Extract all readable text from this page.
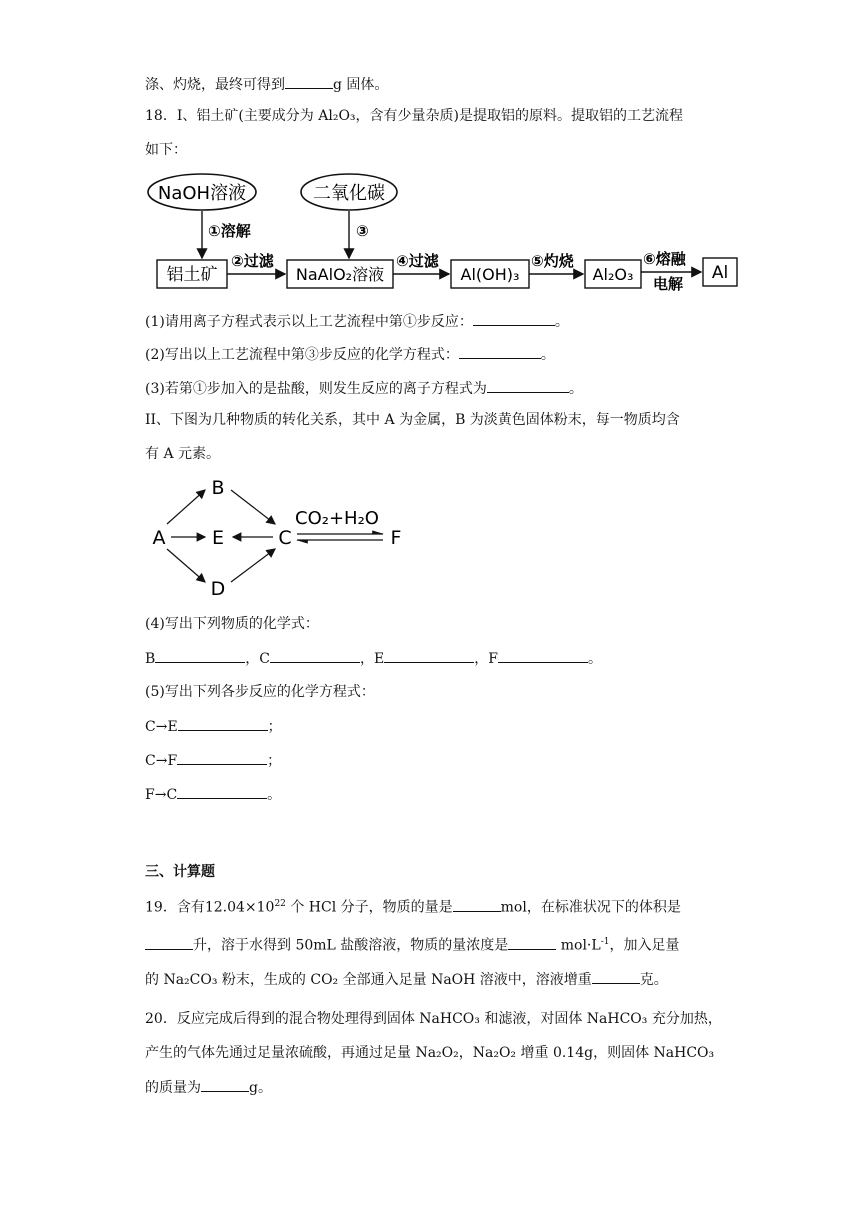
涤、灼烧，最终可得到	g 固体。
18．I、铝土矿(主要成分为 Al₂O₃，含有少量杂质)是提取铝的原料。提取铝的工艺流程
如下：
NaOH溶液	二氧化碳
①溶解	③
铝土矿	NaAlO₂溶液	Al(OH)₃	Al₂O₃	Al
②过滤	④过滤	⑤灼烧	⑥熔融
电解
(1)请用离子方程式表示以上工艺流程中第①步反应：	。
(2)写出以上工艺流程中第③步反应的化学方程式：	。
(3)若第①步加入的是盐酸，则发生反应的离子方程式为	。
II、下图为几种物质的转化关系，其中 A 为金属，B 为淡黄色固体粉末，每一物质均含
有 A 元素。
A
B
E
D
C	F
CO₂+H₂O
(4)写出下列物质的化学式：
B	，C	，E	，F	。
(5)写出下列各步反应的化学方程式：
C→E	；
C→F	；
F→C	。
三、计算题
19．含有$12.04\times 10^{22}$ 个 HCl 分子，物质的量是	mol，在标准状况下的体积是
升，溶于水得到 50mL 盐酸溶液，物质的量浓度是	$mol\cdot L^{-1}$，加入足量
的 Na₂CO₃ 粉末，生成的 CO₂ 全部通入足量 NaOH 溶液中，溶液增重	克。
20．反应完成后得到的混合物处理得到固体 NaHCO₃ 和滤液，对固体 NaHCO₃ 充分加热，
产生的气体先通过足量浓硫酸，再通过足量 Na₂O₂，Na₂O₂ 增重 0.14g，则固体 NaHCO₃
的质量为	g。
